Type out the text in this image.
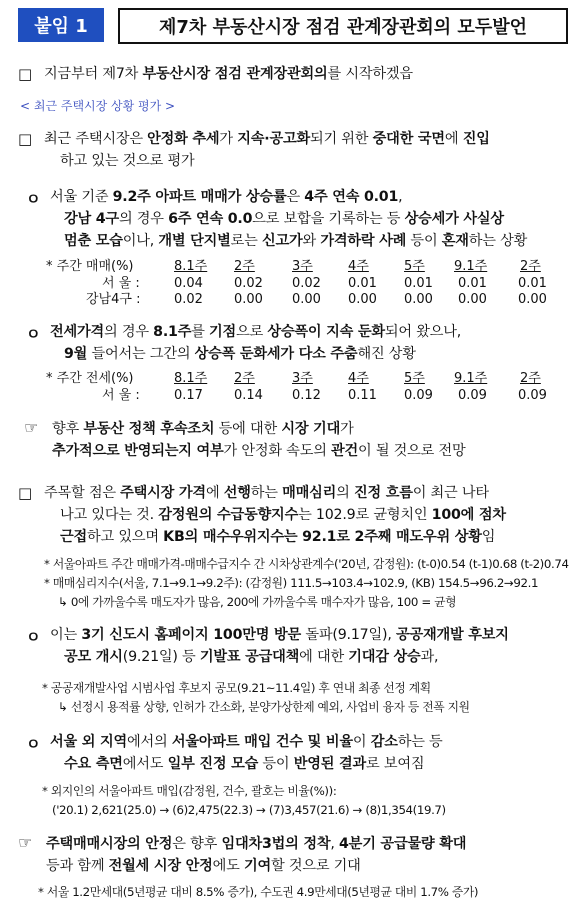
붙임 1	제7차 부동산시장 점검 관계장관회의 모두발언
□ 지금부터 제7차 부동산시장 점검 관계장관회의를 시작하겠읍
< 최근 주택시장 상황 평가 >
□ 최근 주택시장은 안정화 추세가 지속·공고화되기 위한 중대한 국면에 진입
하고 있는 것으로 평가
ㅇ 서울 기준 9.2주 아파트 매매가 상승률은 4주 연속 0.01,
강남 4구의 경우 6주 연속 0.0으로 보합을 기록하는 등 상승세가 사실상
멈춘 모습이나, 개별 단지별로는 신고가와 가격하락 사례 등이 혼재하는 상황
* 주간 매매(%)	8.1주 2주	3주	4주	5주 9.1주	2주
서 울 :	0.04 0.02 0.02 0.01 0.01 0.01 0.01
강남4구 :	0.02 0.00 0.00 0.00 0.00 0.00 0.00
ㅇ 전세가격의 경우 8.1주를 기점으로 상승폭이 지속 둔화되어 왔으나,
9월 들어서는 그간의 상승폭 둔화세가 다소 주춤해진 상황
* 주간 전세(%)	8.1주 2주	3주	4주	5주 9.1주	2주
서 울 :	0.17 0.14 0.12 0.11 0.09 0.09 0.09
☞ 향후 부동산 정책 후속조치 등에 대한 시장 기대가
추가적으로 반영되는지 여부가 안정화 속도의 관건이 될 것으로 전망
□ 주목할 점은 주택시장 가격에 선행하는 매매심리의 진정 흐름이 최근 나타
나고 있다는 것. 감정원의 수급동향지수는 102.9로 균형치인 100에 점차
근접하고 있으며 KB의 매수우위지수는 92.1로 2주째 매도우위 상황임
* 서울아파트 주간 매매가격-매매수급지수 간 시차상관계수('20년, 감정원): (t-0)0.54 (t-1)0.68 (t-2)0.74
* 매매심리지수(서울, 7.1→9.1→9.2주): (감정원) 111.5→103.4→102.9, (KB) 154.5→96.2→92.1
↳ 0에 가까울수록 매도자가 많음, 200에 가까울수록 매수자가 많음, 100 = 균형
ㅇ 이는 3기 신도시 홈페이지 100만명 방문 돌파(9.17일), 공공재개발 후보지
공모 개시(9.21일) 등 기발표 공급대책에 대한 기대감 상승과,
* 공공재개발사업 시범사업 후보지 공모(9.21~11.4일) 후 연내 최종 선정 계획
↳ 선정시 용적률 상향, 인허가 간소화, 분양가상한제 예외, 사업비 융자 등 전폭 지원
ㅇ 서울 외 지역에서의 서울아파트 매입 건수 및 비율이 감소하는 등
수요 측면에서도 일부 진정 모습 등이 반영된 결과로 보여짐
* 외지인의 서울아파트 매입(감정원, 건수, 괄호는 비율(%)):
('20.1) 2,621(25.0) → (6)2,475(22.3) → (7)3,457(21.6) → (8)1,354(19.7)
☞ 주택매매시장의 안정은 향후 임대차3법의 정착, 4분기 공급물량 확대
등과 함께 전월세 시장 안정에도 기여할 것으로 기대
* 서울 1.2만세대(5년평균 대비 8.5% 증가), 수도권 4.9만세대(5년평균 대비 1.7% 증가)
